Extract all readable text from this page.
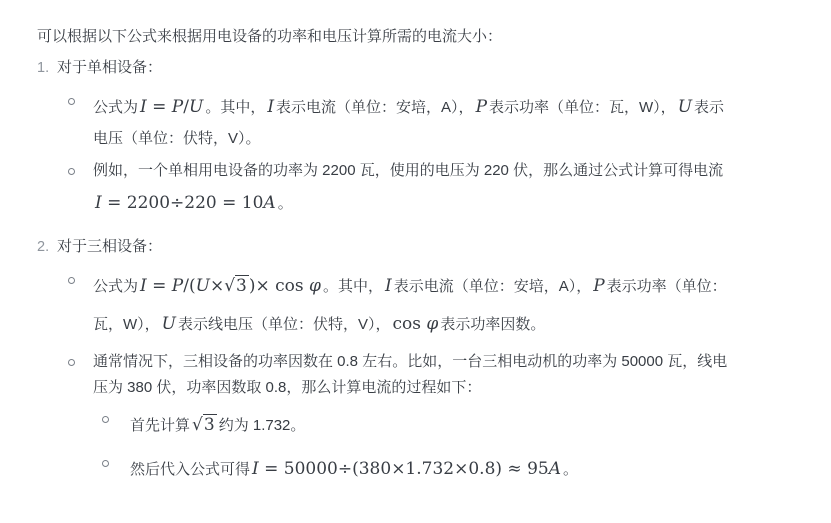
可以根据以下公式来根据用电设备的功率和电压计算所需的电流大小：

1. 对于单相设备：

公式为 I = P/U 。其中， I 表示电流（单位：安培，A）， P 表示功率（单位：瓦，W）， U 表示电压（单位：伏特，V）。
例如，一个单相用电设备的功率为 2200 瓦，使用的电压为 220 伏，那么通过公式计算可得电流I = 2200÷220 = 10A 。
2. 对于三相设备：

公式为 I = P/(U×√3 )× cos φ 。其中， I 表示电流（单位：安培，A）， P 表示功率（单位：瓦，W）， U 表示线电压（单位：伏特，V）， cos φ 表示功率因数。
通常情况下，三相设备的功率因数在 0.8 左右。比如，一台三相电动机的功率为 50000 瓦，线电压为 380 伏，功率因数取 0.8，那么计算电流的过程如下：
首先计算 √3 约为 1.732。
然后代入公式可得 I = 50000÷(380×1.732×0.8) ≈ 95A 。
